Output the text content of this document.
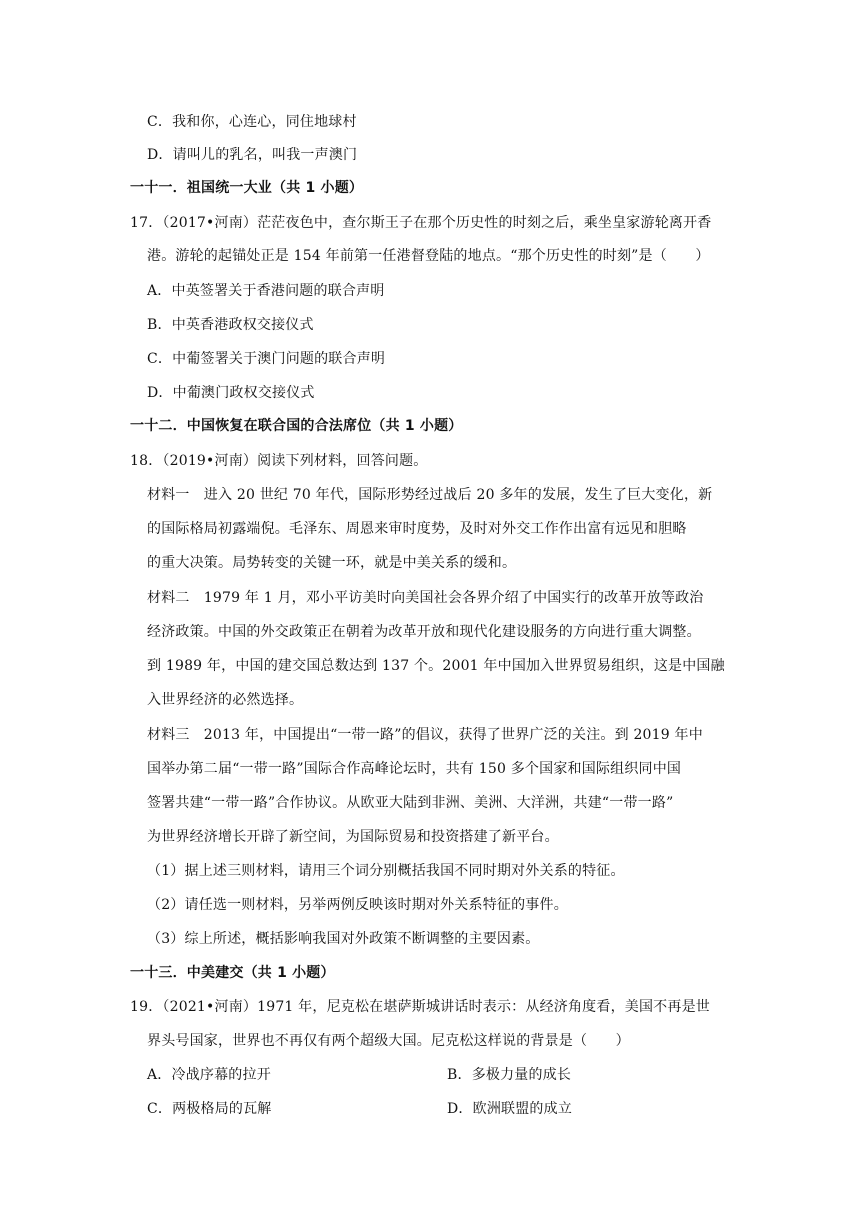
C．我和你，心连心，同住地球村
D．请叫儿的乳名，叫我一声澳门
一十一．祖国统一大业（共 1 小题）
17．（2017•河南）茫茫夜色中，查尔斯王子在那个历史性的时刻之后，乘坐皇家游轮离开香
港。游轮的起锚处正是 154 年前第一任港督登陆的地点。“那个历史性的时刻”是（　　）
A．中英签署关于香港问题的联合声明
B．中英香港政权交接仪式
C．中葡签署关于澳门问题的联合声明
D．中葡澳门政权交接仪式
一十二．中国恢复在联合国的合法席位（共 1 小题）
18．（2019•河南）阅读下列材料，回答问题。
材料一　进入 20 世纪 70 年代，国际形势经过战后 20 多年的发展，发生了巨大变化，新
的国际格局初露端倪。毛泽东、周恩来审时度势，及时对外交工作作出富有远见和胆略
的重大决策。局势转变的关键一环，就是中美关系的缓和。
材料二　1979 年 1 月，邓小平访美时向美国社会各界介绍了中国实行的改革开放等政治
经济政策。中国的外交政策正在朝着为改革开放和现代化建设服务的方向进行重大调整。
到 1989 年，中国的建交国总数达到 137 个。2001 年中国加入世界贸易组织，这是中国融
入世界经济的必然选择。
材料三　2013 年，中国提出“一带一路”的倡议，获得了世界广泛的关注。到 2019 年中
国举办第二届“一带一路”国际合作高峰论坛时，共有 150 多个国家和国际组织同中国
签署共建“一带一路”合作协议。从欧亚大陆到非洲、美洲、大洋洲，共建“一带一路”
为世界经济增长开辟了新空间，为国际贸易和投资搭建了新平台。
（1）据上述三则材料，请用三个词分别概括我国不同时期对外关系的特征。
（2）请任选一则材料，另举两例反映该时期对外关系特征的事件。
（3）综上所述，概括影响我国对外政策不断调整的主要因素。
一十三．中美建交（共 1 小题）
19．（2021•河南）1971 年，尼克松在堪萨斯城讲话时表示：从经济角度看，美国不再是世
界头号国家，世界也不再仅有两个超级大国。尼克松这样说的背景是（　　）
A．冷战序幕的拉开	B．多极力量的成长
C．两极格局的瓦解	D．欧洲联盟的成立
